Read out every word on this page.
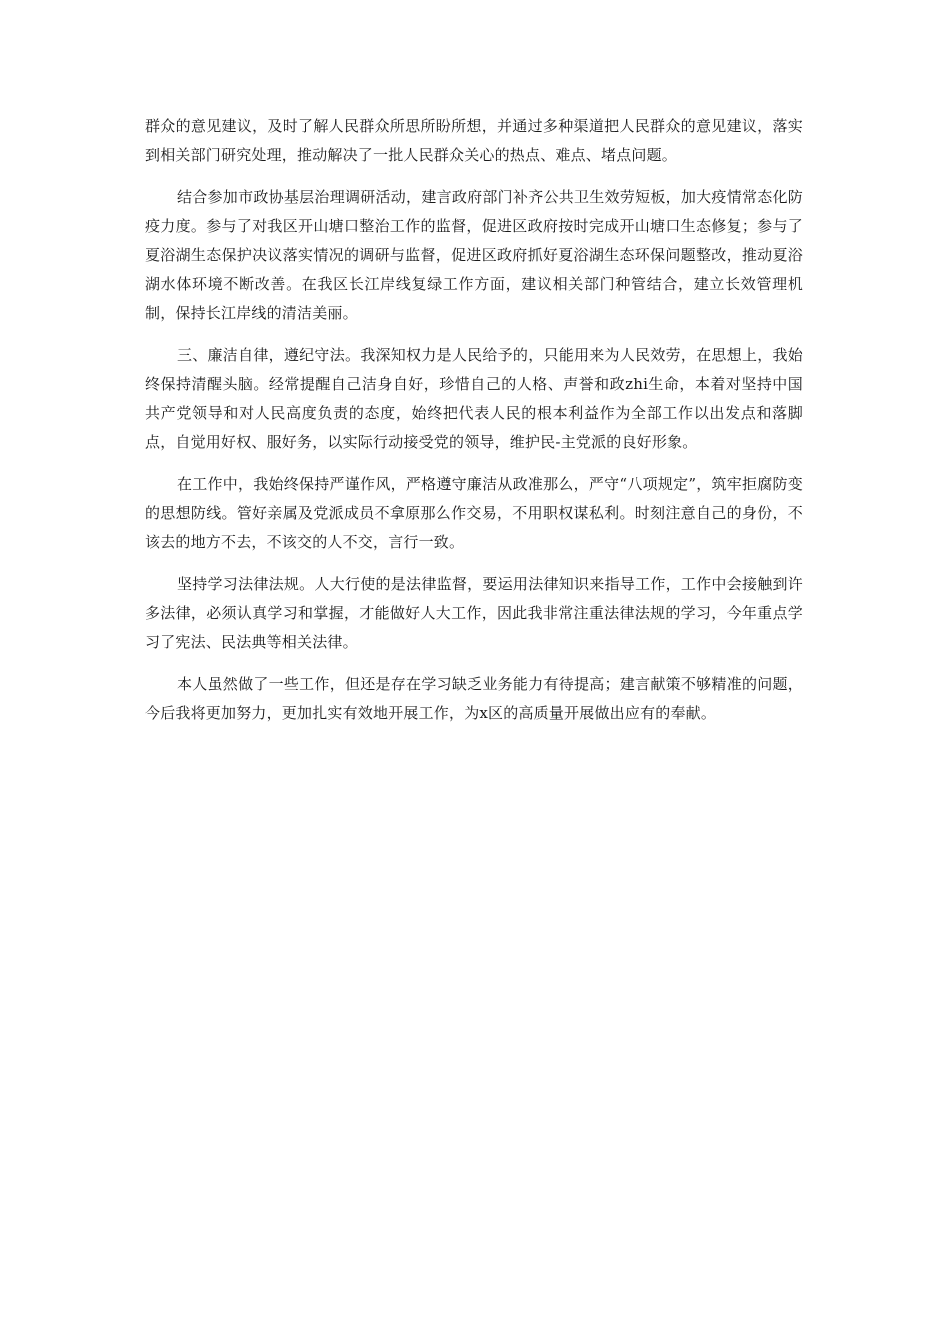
群众的意见建议，及时了解人民群众所思所盼所想，并通过多种渠道把人民群众的意见建议，落实到相关部门研究处理，推动解决了一批人民群众关心的热点、难点、堵点问题。

结合参加市政协基层治理调研活动，建言政府部门补齐公共卫生效劳短板，加大疫情常态化防疫力度。参与了对我区开山塘口整治工作的监督，促进区政府按时完成开山塘口生态修复；参与了夏浴湖生态保护决议落实情况的调研与监督，促进区政府抓好夏浴湖生态环保问题整改，推动夏浴湖水体环境不断改善。在我区长江岸线复绿工作方面，建议相关部门种管结合，建立长效管理机制，保持长江岸线的清洁美丽。

三、廉洁自律，遵纪守法。我深知权力是人民给予的，只能用来为人民效劳，在思想上，我始终保持清醒头脑。经常提醒自己洁身自好，珍惜自己的人格、声誉和政zhi生命，本着对坚持中国共产党领导和对人民高度负责的态度，始终把代表人民的根本利益作为全部工作以出发点和落脚点，自觉用好权、服好务，以实际行动接受党的领导，维护民-主党派的良好形象。

在工作中，我始终保持严谨作风，严格遵守廉洁从政准那么，严守“八项规定”，筑牢拒腐防变的思想防线。管好亲属及党派成员不拿原那么作交易，不用职权谋私利。时刻注意自己的身份，不该去的地方不去，不该交的人不交，言行一致。

坚持学习法律法规。人大行使的是法律监督，要运用法律知识来指导工作，工作中会接触到许多法律，必须认真学习和掌握，才能做好人大工作，因此我非常注重法律法规的学习，今年重点学习了宪法、民法典等相关法律。

本人虽然做了一些工作，但还是存在学习缺乏业务能力有待提高；建言献策不够精准的问题，今后我将更加努力，更加扎实有效地开展工作，为x区的高质量开展做出应有的奉献。
